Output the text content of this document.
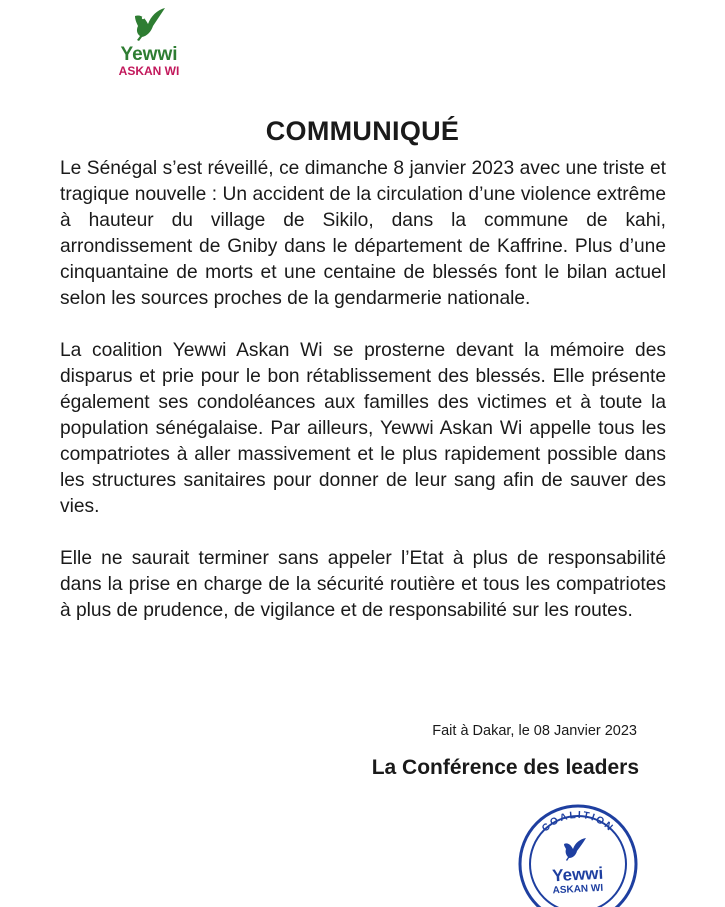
Yewwi
ASKAN WI
COMMUNIQUÉ

Le Sénégal s’est réveillé, ce dimanche 8 janvier 2023 avec une triste et tragique nouvelle : Un accident de la circulation d’une violence extrême à hauteur du village de Sikilo, dans la commune de kahi, arrondissement de Gniby dans le département de Kaffrine. Plus d’une cinquantaine de morts et une centaine de blessés font le bilan actuel selon les sources proches de la gendarmerie nationale.

La coalition Yewwi Askan Wi se prosterne devant la mémoire des disparus et prie pour le bon rétablissement des blessés. Elle présente également ses condoléances aux familles des victimes et à toute la population sénégalaise. Par ailleurs, Yewwi Askan Wi appelle tous les compatriotes à aller massivement et le plus rapidement possible dans les structures sanitaires pour donner de leur sang afin de sauver des vies.

Elle ne saurait terminer sans appeler l’Etat à plus de responsabilité dans la prise en charge de la sécurité routière et tous les compatriotes à plus de prudence, de vigilance et de responsabilité sur les routes.

Fait à Dakar, le 08 Janvier 2023
La Conférence des leaders
COALITION
Yewwi
ASKAN WI
